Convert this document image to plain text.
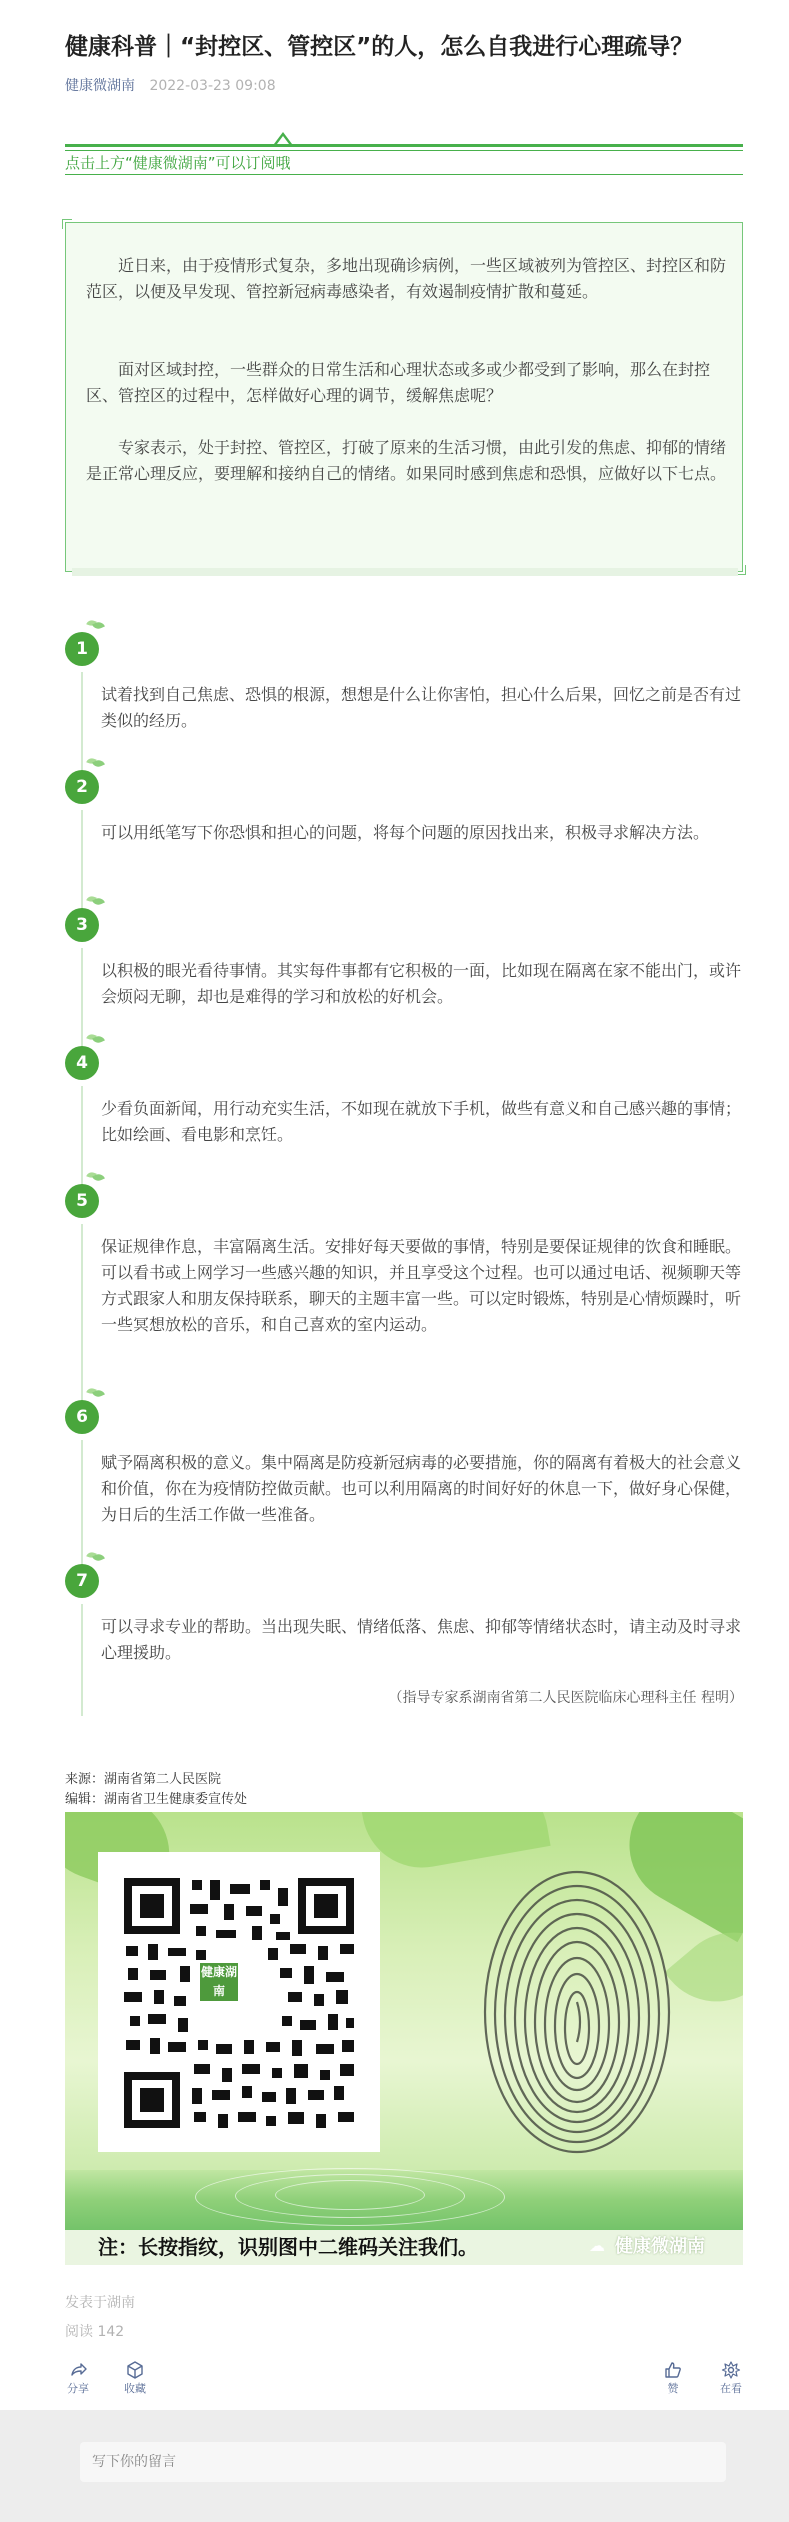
健康科普｜“封控区、管控区”的人，怎么自我进行心理疏导？
健康微湖南 2022-03-23 09:08
点击上方“健康微湖南”可以订阅哦

近日来，由于疫情形式复杂，多地出现确诊病例，一些区域被列为管控区、封控区和防范区，以便及早发现、管控新冠病毒感染者，有效遏制疫情扩散和蔓延。

面对区域封控，一些群众的日常生活和心理状态或多或少都受到了影响，那么在封控区、管控区的过程中，怎样做好心理的调节，缓解焦虑呢？

专家表示，处于封控、管控区，打破了原来的生活习惯，由此引发的焦虑、抑郁的情绪是正常心理反应，要理解和接纳自己的情绪。如果同时感到焦虑和恐惧，应做好以下七点。

1
试着找到自己焦虑、恐惧的根源，想想是什么让你害怕，担心什么后果，回忆之前是否有过类似的经历。
2
可以用纸笔写下你恐惧和担心的问题，将每个问题的原因找出来，积极寻求解决方法。
3
以积极的眼光看待事情。其实每件事都有它积极的一面，比如现在隔离在家不能出门，或许会烦闷无聊，却也是难得的学习和放松的好机会。
4
少看负面新闻，用行动充实生活，不如现在就放下手机，做些有意义和自己感兴趣的事情；比如绘画、看电影和烹饪。
5
保证规律作息，丰富隔离生活。安排好每天要做的事情，特别是要保证规律的饮食和睡眠。可以看书或上网学习一些感兴趣的知识，并且享受这个过程。也可以通过电话、视频聊天等方式跟家人和朋友保持联系，聊天的主题丰富一些。可以定时锻炼，特别是心情烦躁时，听一些冥想放松的音乐，和自己喜欢的室内运动。
6
赋予隔离积极的意义。集中隔离是防疫新冠病毒的必要措施，你的隔离有着极大的社会意义和价值，你在为疫情防控做贡献。也可以利用隔离的时间好好的休息一下，做好身心保健，为日后的生活工作做一些准备。
7
可以寻求专业的帮助。当出现失眠、情绪低落、焦虑、抑郁等情绪状态时，请主动及时寻求心理援助。
（指导专家系湖南省第二人民医院临床心理科主任 程明）
来源：湖南省第二人民医院
编辑：湖南省卫生健康委宣传处
健康湖南
注：长按指纹，识别图中二维码关注我们。	☁ 健康微湖南
发表于湖南
阅读 142
分享	收藏	赞	在看
写下你的留言
